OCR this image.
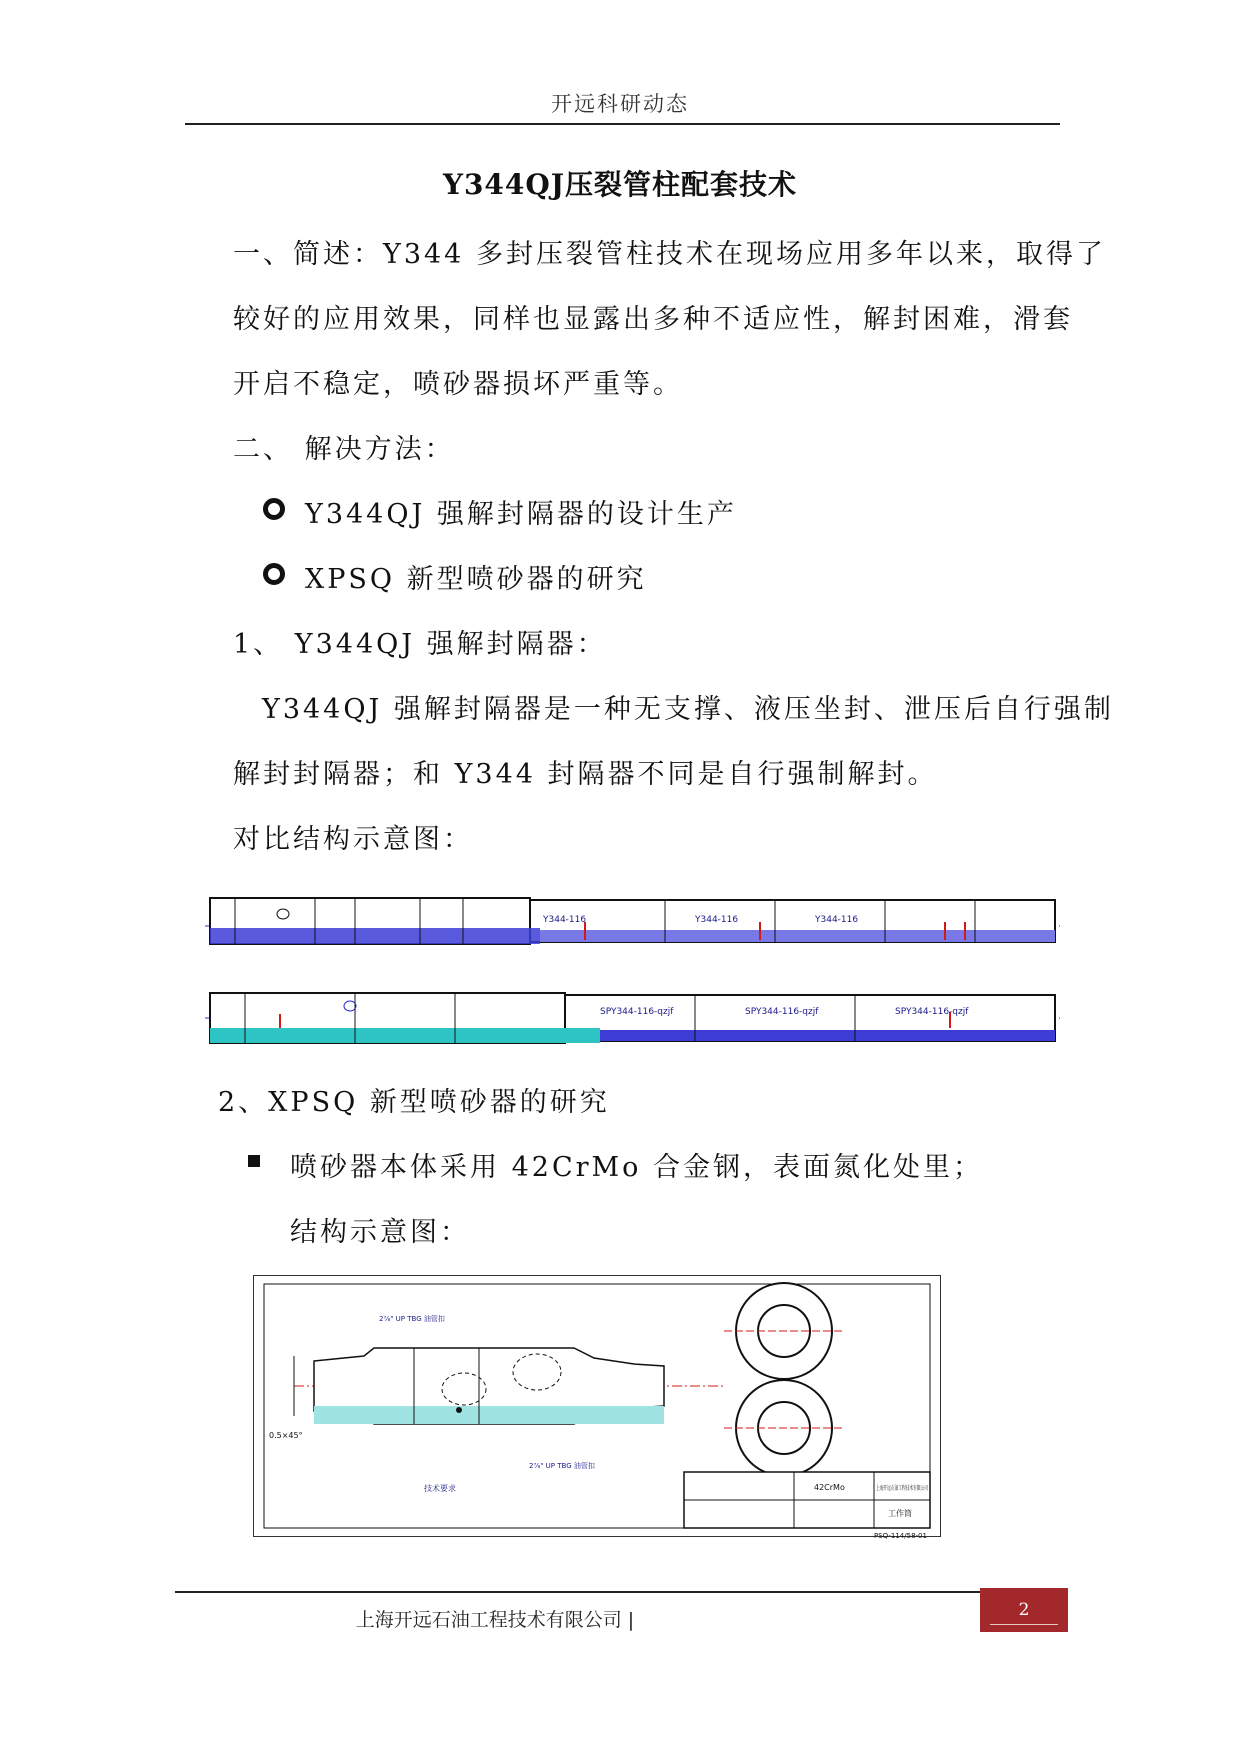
开远科研动态
Y344QJ压裂管柱配套技术
一、简述：Y344 多封压裂管柱技术在现场应用多年以来，取得了
较好的应用效果，同样也显露出多种不适应性，解封困难，滑套
开启不稳定，喷砂器损坏严重等。
二、 解决方法：
Y344QJ 强解封隔器的设计生产
XPSQ 新型喷砂器的研究
1、 Y344QJ 强解封隔器：
Y344QJ 强解封隔器是一种无支撑、液压坐封、泄压后自行强制
解封封隔器；和 Y344 封隔器不同是自行强制解封。
对比结构示意图：
Y344-116	Y344-116	Y344-116
SPY344-116-qzjf	SPY344-116-qzjf	SPY344-116-qzjf
2、XPSQ 新型喷砂器的研究
喷砂器本体采用 42CrMo 合金钢，表面氮化处里；
结构示意图：
0.5×45°
2⅞" UP TBG 油管扣
2⅞" UP TBG 油管扣
技术要求	42CrMo
工作筒
上海开远石油工程技术有限公司
PSQ-114/58-01
上海开远石油工程技术有限公司 |	2
